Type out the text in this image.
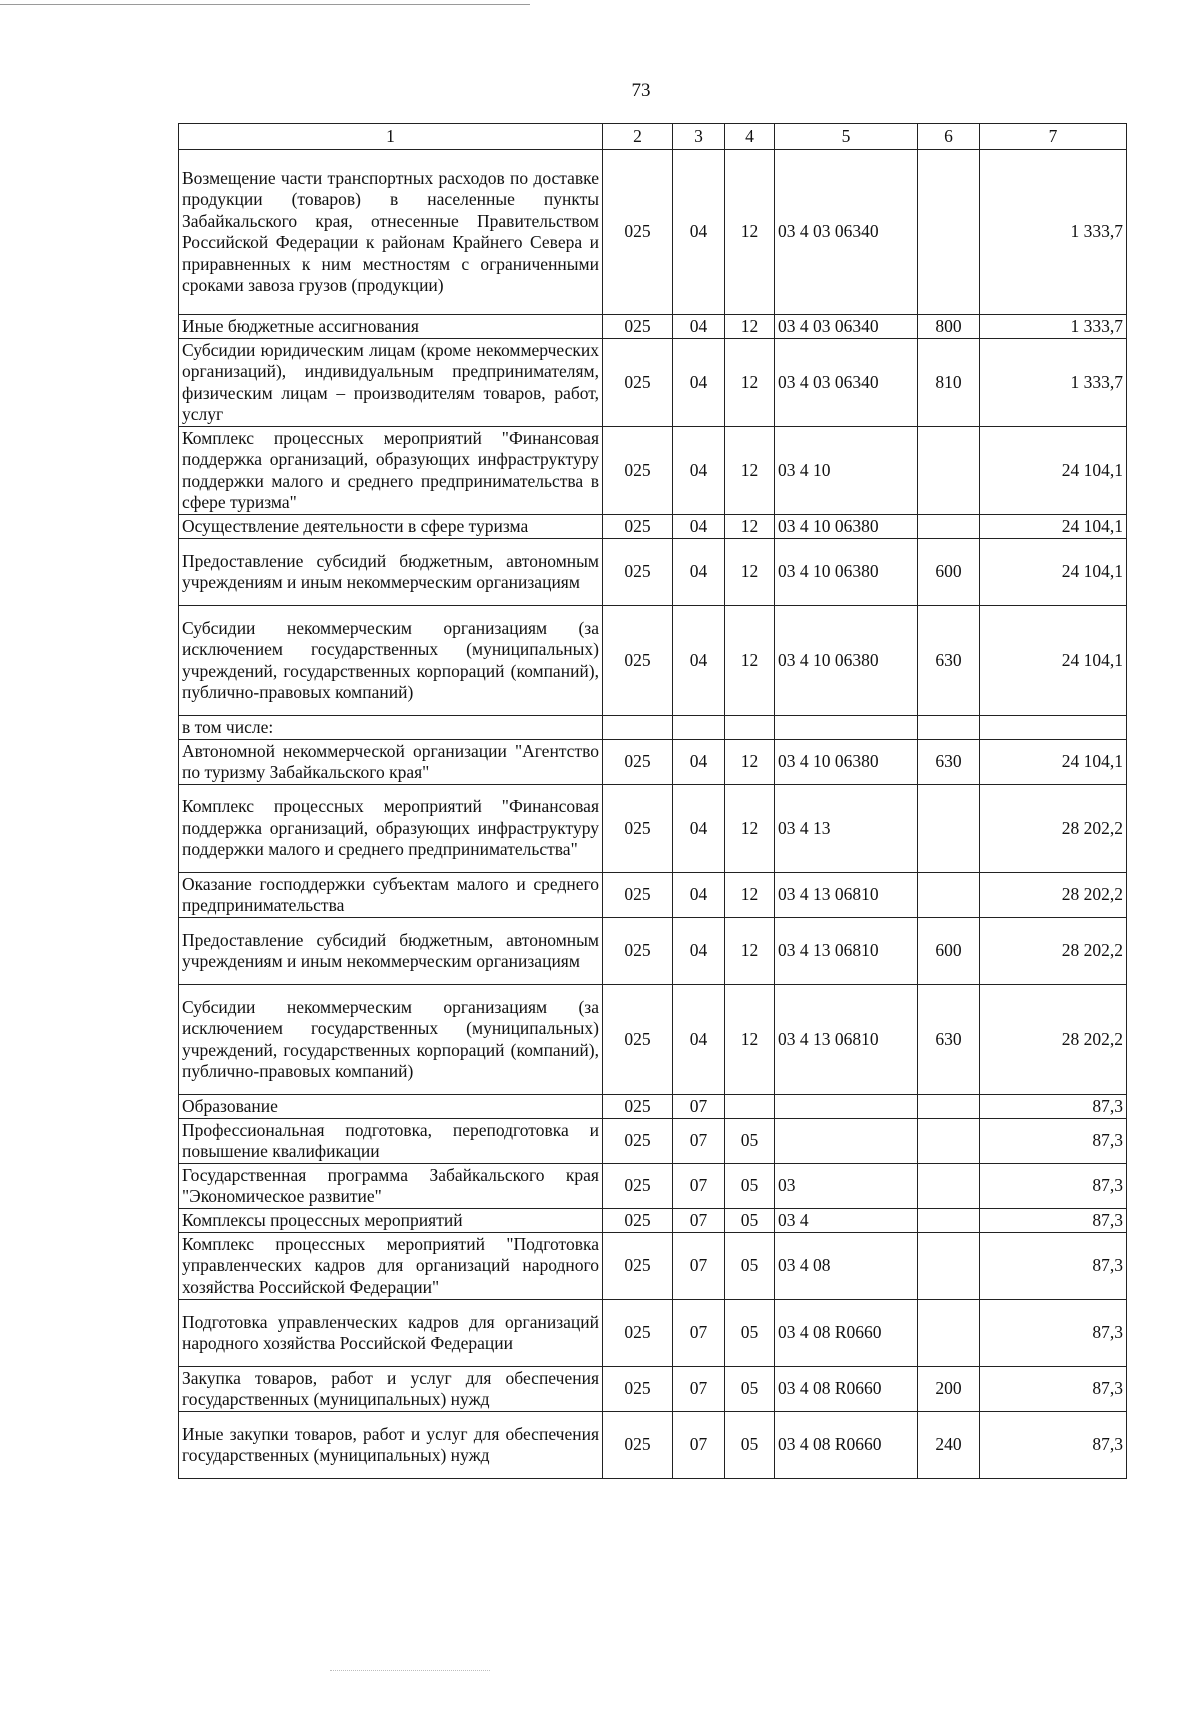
73
1	2	3	4	5	6	7
Возмещение части транспортных расходов по доставке продукции (товаров) в населенные пункты Забайкальского края, отнесенные Правительством Российской Федерации к районам Крайнего Севера и приравненных к ним местностям с ограниченными сроками завоза грузов (продукции)	025	04	12	03 4 03 06340		1 333,7
Иные бюджетные ассигнования	025	04	12	03 4 03 06340	800	1 333,7
Субсидии юридическим лицам (кроме некоммерческих организаций), индивидуальным предпринимателям, физическим лицам – производителям товаров, работ, услуг	025	04	12	03 4 03 06340	810	1 333,7
Комплекс процессных мероприятий "Финансовая поддержка организаций, образующих инфраструктуру поддержки малого и среднего предпринимательства в сфере туризма"	025	04	12	03 4 10		24 104,1
Осуществление деятельности в сфере туризма	025	04	12	03 4 10 06380		24 104,1
Предоставление субсидий бюджетным, автономным учреждениям и иным некоммерческим организациям	025	04	12	03 4 10 06380	600	24 104,1
Субсидии некоммерческим организациям (за исключением государственных (муниципальных) учреждений, государственных корпораций (компаний), публично-правовых компаний)	025	04	12	03 4 10 06380	630	24 104,1
в том числе:						
Автономной некоммерческой организации "Агентство по туризму Забайкальского края"	025	04	12	03 4 10 06380	630	24 104,1
Комплекс процессных мероприятий "Финансовая поддержка организаций, образующих инфраструктуру поддержки малого и среднего предпринимательства"	025	04	12	03 4 13		28 202,2
Оказание господдержки субъектам малого и среднего предпринимательства	025	04	12	03 4 13 06810		28 202,2
Предоставление субсидий бюджетным, автономным учреждениям и иным некоммерческим организациям	025	04	12	03 4 13 06810	600	28 202,2
Субсидии некоммерческим организациям (за исключением государственных (муниципальных) учреждений, государственных корпораций (компаний), публично-правовых компаний)	025	04	12	03 4 13 06810	630	28 202,2
Образование	025	07				87,3
Профессиональная подготовка, переподготовка и повышение квалификации	025	07	05			87,3
Государственная программа Забайкальского края "Экономическое развитие"	025	07	05	03		87,3
Комплексы процессных мероприятий	025	07	05	03 4		87,3
Комплекс процессных мероприятий "Подготовка управленческих кадров для организаций народного хозяйства Российской Федерации"	025	07	05	03 4 08		87,3
Подготовка управленческих кадров для организаций народного хозяйства Российской Федерации	025	07	05	03 4 08 R0660		87,3
Закупка товаров, работ и услуг для обеспечения государственных (муниципальных) нужд	025	07	05	03 4 08 R0660	200	87,3
Иные закупки товаров, работ и услуг для обеспечения государственных (муниципальных) нужд	025	07	05	03 4 08 R0660	240	87,3
